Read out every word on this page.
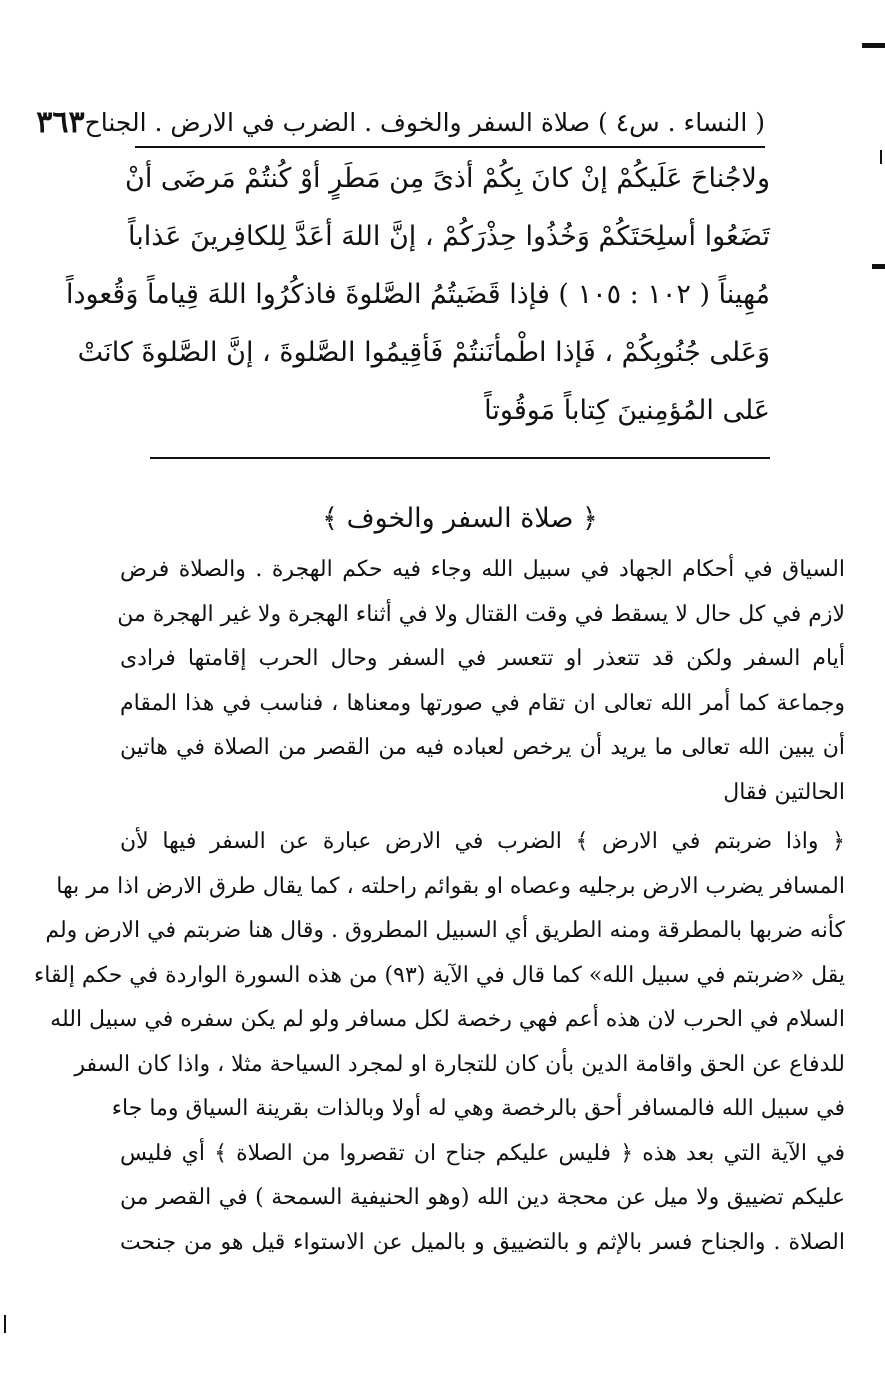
( النساء . س٤ ) صلاة السفر والخوف . الضرب في الارض . الجناح
٣٦٣
ولاجُناحَ عَلَيكُمْ إنْ كانَ بِكُمْ أذىً مِن مَطَرٍ أوْ كُنتُمْ مَرضَى أنْ
تَضَعُوا أسلِحَتَكُمْ وَخُذُوا حِذْرَكُمْ ، إنَّ اللهَ أعَدَّ لِلكافِرينَ عَذاباً
مُهِيناً ( ١٠٢ : ١٠٥ ) فإذا قَضَيتُمُ الصَّلوةَ فاذكُرُوا اللهَ قِياماً وَقُعوداً
وَعَلى جُنُوبِكُمْ ، فَإذا اطْمأنَنتُمْ فَأقِيمُوا الصَّلوةَ ، إنَّ الصَّلوةَ كانَتْ
عَلى المُؤمِنينَ كِتاباً مَوقُوتاً
﴿ صلاة السفر والخوف ﴾
السياق في أحكام الجهاد في سبيل الله وجاء فيه حكم الهجرة . والصلاة فرض
لازم في كل حال لا يسقط في وقت القتال ولا في أثناء الهجرة ولا غير الهجرة من
أيام السفر ولكن قد تتعذر او تتعسر في السفر وحال الحرب إقامتها فرادى
وجماعة كما أمر الله تعالى ان تقام في صورتها ومعناها ، فناسب في هذا المقام
أن يبين الله تعالى ما يريد أن يرخص لعباده فيه من القصر من الصلاة في هاتين
الحالتين فقال
﴿ واذا ضربتم في الارض ﴾ الضرب في الارض عبارة عن السفر فيها لأن
المسافر يضرب الارض برجليه وعصاه او بقوائم راحلته ، كما يقال طرق الارض اذا مر بها
كأنه ضربها بالمطرقة ومنه الطريق أي السبيل المطروق . وقال هنا ضربتم في الارض ولم
يقل «ضربتم في سبيل الله» كما قال في الآية (٩٣) من هذه السورة الواردة في حكم إلقاء
السلام في الحرب لان هذه أعم فهي رخصة لكل مسافر ولو لم يكن سفره في سبيل الله
للدفاع عن الحق واقامة الدين بأن كان للتجارة او لمجرد السياحة مثلا ، واذا كان السفر
في سبيل الله فالمسافر أحق بالرخصة وهي له أولا وبالذات بقرينة السياق وما جاء
في الآية التي بعد هذه ﴿ فليس عليكم جناح ان تقصروا من الصلاة ﴾ أي فليس
عليكم تضييق ولا ميل عن محجة دين الله (وهو الحنيفية السمحة ) في القصر من
الصلاة . والجناح فسر بالإثم و بالتضييق و بالميل عن الاستواء قيل هو من جنحت
